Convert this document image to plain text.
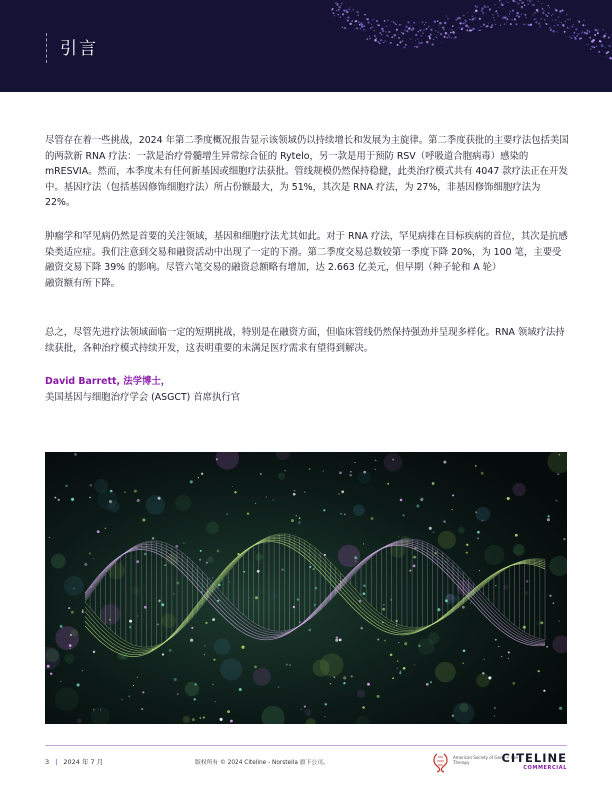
引言

尽管存在着一些挑战，2024 年第二季度概况报告显示该领域仍以持续增长和发展为主旋律。第二季度获批的主要疗法包括美国的两款新 RNA 疗法：一款是治疗骨髓增生异常综合征的 Rytelo，另一款是用于预防 RSV（呼吸道合胞病毒）感染的 mRESVIA。然而，本季度未有任何新基因或细胞疗法获批。管线规模仍然保持稳健，此类治疗模式共有 4047 款疗法正在开发中。基因疗法（包括基因修饰细胞疗法）所占份额最大，为 51%，其次是 RNA 疗法，为 27%，非基因修饰细胞疗法为 22%。

肿瘤学和罕见病仍然是首要的关注领域，基因和细胞疗法尤其如此。对于 RNA 疗法，罕见病排在目标疾病的首位，其次是抗感染类适应症。我们注意到交易和融资活动中出现了一定的下滑。第二季度交易总数较第一季度下降 20%，为 100 笔，主要受融资交易下降 39% 的影响。尽管六笔交易的融资总额略有增加，达 2.663 亿美元，但早期（种子轮和 A 轮）

融资额有所下降。

总之，尽管先进疗法领域面临一定的短期挑战，特别是在融资方面，但临床管线仍然保持强劲并呈现多样化。RNA 领域疗法持续获批，各种治疗模式持续开发，这表明重要的未满足医疗需求有望得到解决。

David Barrett, 法学博士，
美国基因与细胞治疗学会 (ASGCT) 首席执行官
3 | 2024 年 7 月	版权所有 © 2024 Citeline - Norstella 旗下公司。
American Society of Gene + Cell Therapy	CITELINE
COMMERCIAL
